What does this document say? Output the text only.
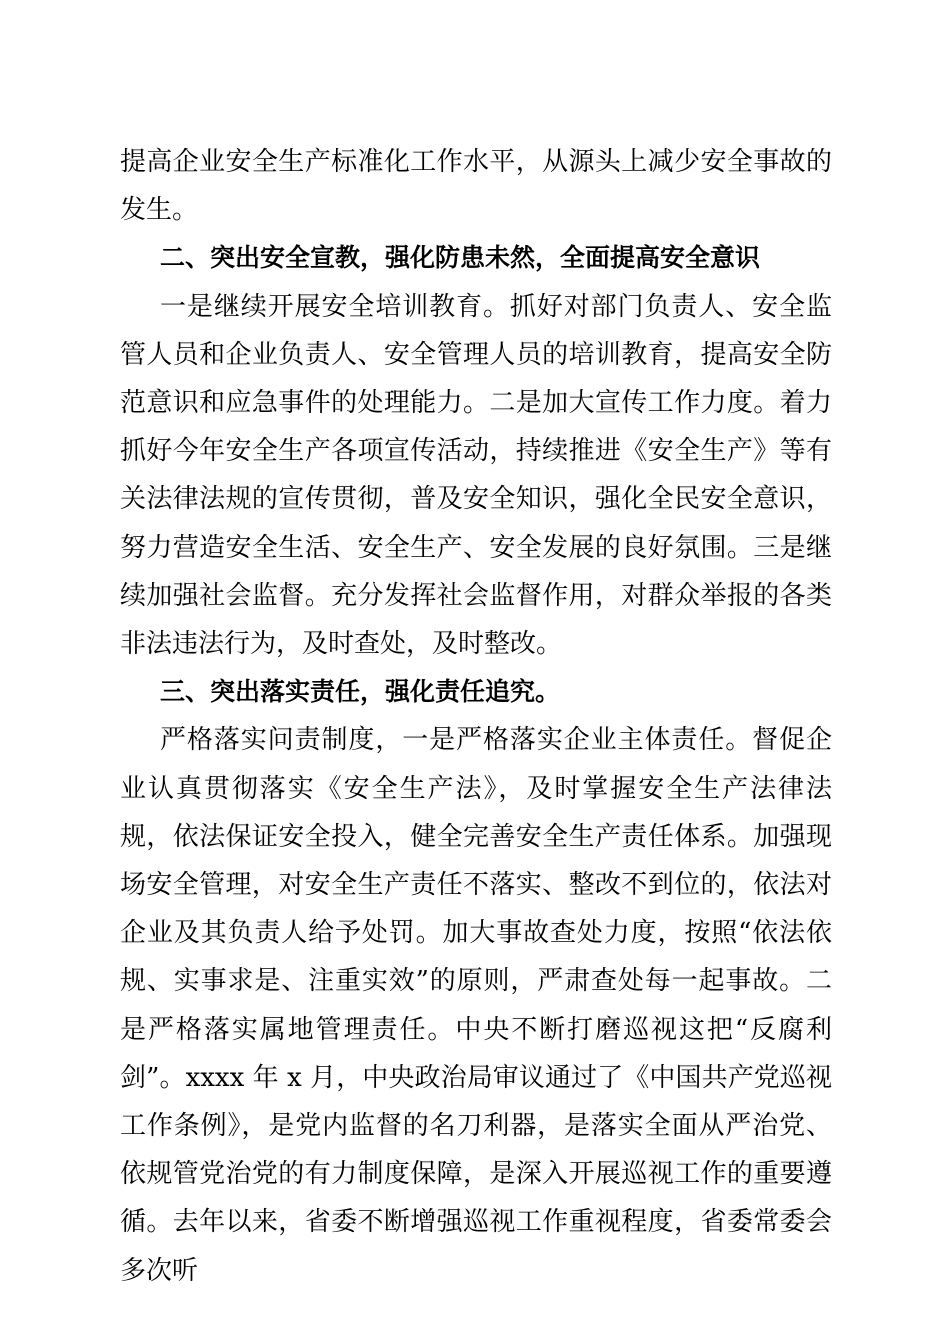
提高企业安全生产标准化工作水平，从源头上减少安全事故的发生。

二、突出安全宣教，强化防患未然，全面提高安全意识

一是继续开展安全培训教育。抓好对部门负责人、安全监管人员和企业负责人、安全管理人员的培训教育，提高安全防范意识和应急事件的处理能力。二是加大宣传工作力度。着力抓好今年安全生产各项宣传活动，持续推进《安全生产》等有关法律法规的宣传贯彻，普及安全知识，强化全民安全意识，努力营造安全生活、安全生产、安全发展的良好氛围。三是继续加强社会监督。充分发挥社会监督作用，对群众举报的各类非法违法行为，及时查处，及时整改。

三、突出落实责任，强化责任追究。

严格落实问责制度，一是严格落实企业主体责任。督促企业认真贯彻落实《安全生产法》，及时掌握安全生产法律法规，依法保证安全投入，健全完善安全生产责任体系。加强现场安全管理，对安全生产责任不落实、整改不到位的，依法对企业及其负责人给予处罚。加大事故查处力度，按照“依法依规、实事求是、注重实效”的原则，严肃查处每一起事故。二是严格落实属地管理责任。中央不断打磨巡视这把“反腐利剑”。xxxx 年 x 月，中央政治局审议通过了《中国共产党巡视工作条例》，是党内监督的名刀利器，是落实全面从严治党、依规管党治党的有力制度保障，是深入开展巡视工作的重要遵循。去年以来，省委不断增强巡视工作重视程度，省委常委会多次听
